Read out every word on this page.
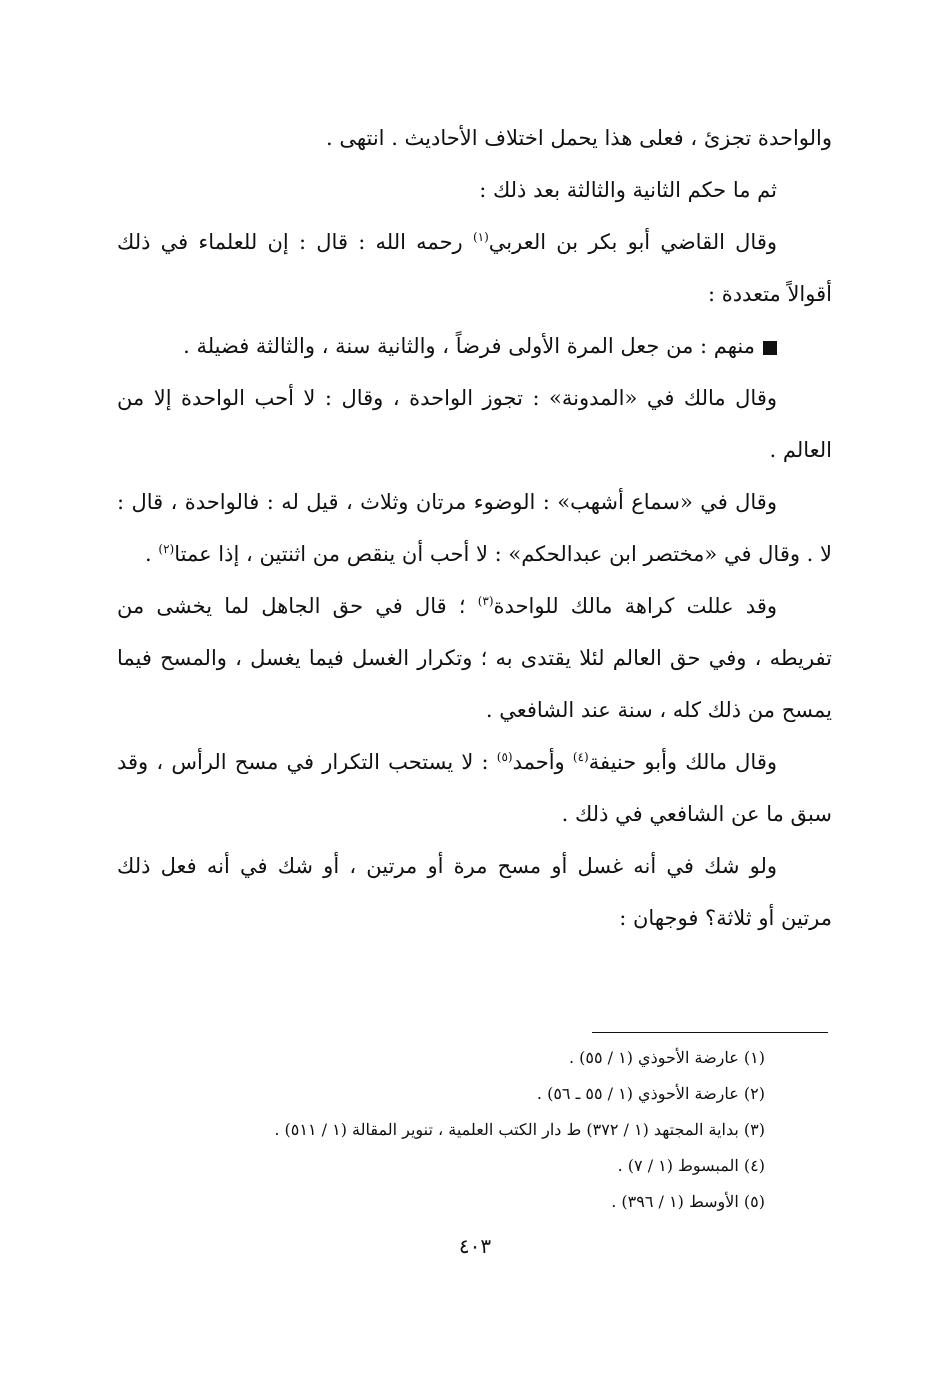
والواحدة تجزئ ، فعلى هذا يحمل اختلاف الأحاديث . انتهى .

ثم ما حكم الثانية والثالثة بعد ذلك :

وقال القاضي أبو بكر بن العربي$^{(١)}$ رحمه الله : قال : إن للعلماء في ذلك أقوالاً متعددة :

منهم : من جعل المرة الأولى فرضاً ، والثانية سنة ، والثالثة فضيلة .

وقال مالك في «المدونة» : تجوز الواحدة ، وقال : لا أحب الواحدة إلا من العالم .

وقال في «سماع أشهب» : الوضوء مرتان وثلاث ، قيل له : فالواحدة ، قال : لا . وقال في «مختصر ابن عبدالحكم» : لا أحب أن ينقص من اثنتين ، إذا عمتا$^{(٢)}$ .

وقد عللت كراهة مالك للواحدة$^{(٣)}$ ؛ قال في حق الجاهل لما يخشى من تفريطه ، وفي حق العالم لئلا يقتدى به ؛ وتكرار الغسل فيما يغسل ، والمسح فيما يمسح من ذلك كله ، سنة عند الشافعي .

وقال مالك وأبو حنيفة$^{(٤)}$ وأحمد$^{(٥)}$ : لا يستحب التكرار في مسح الرأس ، وقد سبق ما عن الشافعي في ذلك .

ولو شك في أنه غسل أو مسح مرة أو مرتين ، أو شك في أنه فعل ذلك مرتين أو ثلاثة؟ فوجهان :

(١) عارضة الأحوذي (١ / ٥٥) .

(٢) عارضة الأحوذي (١ / ٥٥ ـ ٥٦) .

(٣) بداية المجتهد (١ / ٣٧٢) ط دار الكتب العلمية ، تنوير المقالة (١ / ٥١١) .

(٤) المبسوط (١ / ٧) .

(٥) الأوسط (١ / ٣٩٦) .

٤٠٣
